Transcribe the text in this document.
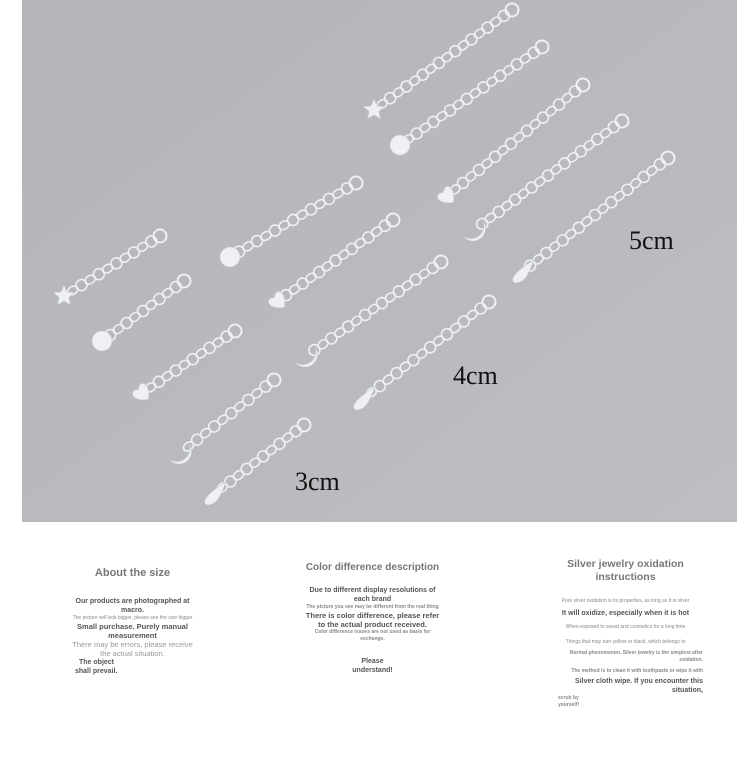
5cm
4cm
3cm
About the size

Our products are photographed at macro.

The picture will look bigger, please see the size bigger

Small purchase. Purely manual measurement

There may be errors, please receive the actual situation.

The object

shall prevail.

Color difference description

Due to different display resolutions of each brand

The picture you see may be different from the real thing

There is color difference, please refer to the actual product received.

Color difference issues are not used as basis for exchange.

Please

understand!

Silver jewelry oxidation instructions

Pure silver oxidation is its properties, as long as it is silver

It will oxidize, especially when it is hot

When exposed to sweat and cosmetics for a long time

Things that may turn yellow or black, which belongs to

Normal phenomenon. Silver jewelry is the simplest after oxidation.

The method is to clean it with toothpaste or wipe it with

Silver cloth wipe. If you encounter this situation,

scrub by

yourself!
